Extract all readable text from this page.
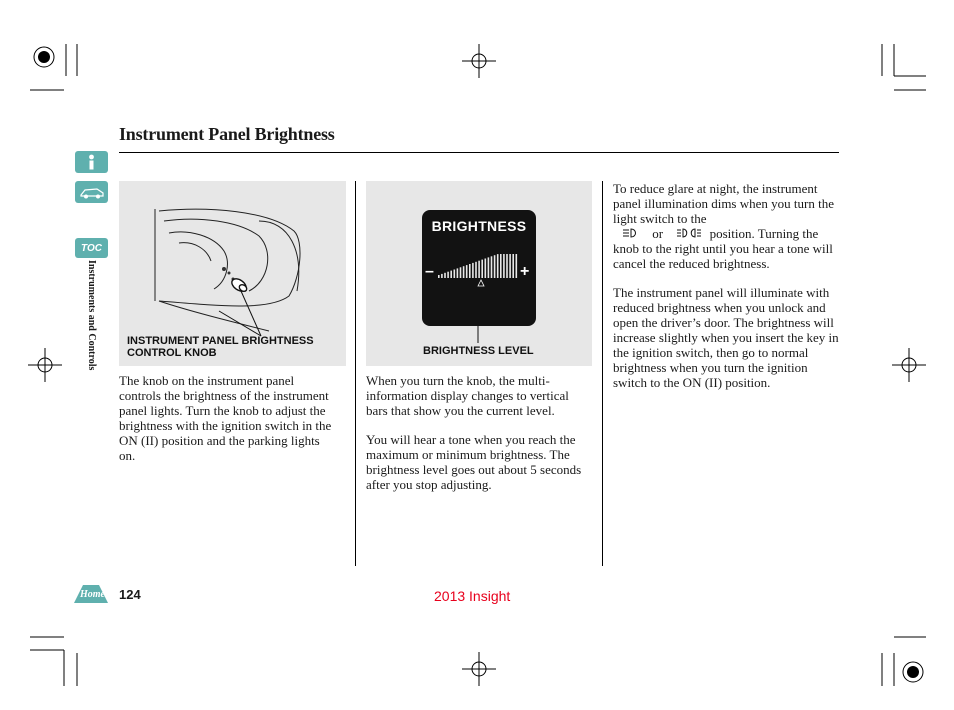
Instrument Panel Brightness
TOC
Instruments and Controls	INSTRUMENT PANEL BRIGHTNESS
CONTROL KNOB
BRIGHTNESS
–	+
BRIGHTNESS LEVEL

The knob on the instrument panel controls the brightness of the instrument panel lights. Turn the knob to adjust the brightness with the ignition switch in the ON (II) position and the parking lights on.

When you turn the knob, the multi-information display changes to vertical bars that show you the current level.

You will hear a tone when you reach the maximum or minimum brightness. The brightness level goes out about 5 seconds after you stop adjusting.

To reduce glare at night, the instrument panel illumination dims when you turn the light switch to the
or	position. Turning the knob to the right until you hear a tone will cancel the reduced brightness.

The instrument panel will illuminate with reduced brightness when you unlock and open the driver’s door. The brightness will increase slightly when you insert the key in the ignition switch, then go to normal brightness when you turn the ignition switch to the ON (II) position.

Home 124	2013 Insight
